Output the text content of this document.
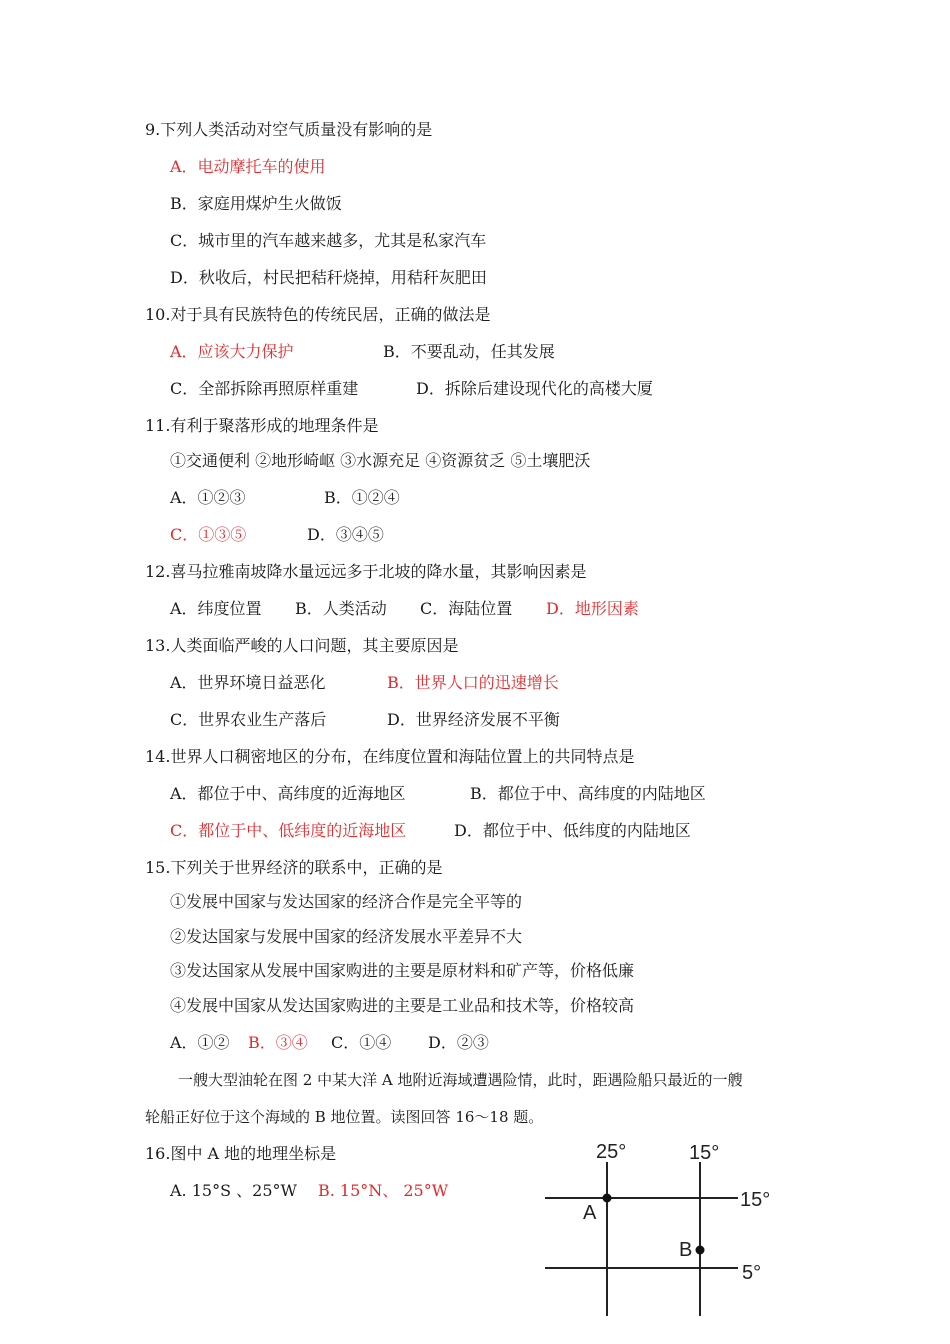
9.下列人类活动对空气质量没有影响的是
A．电动摩托车的使用
B．家庭用煤炉生火做饭
C．城市里的汽车越来越多，尤其是私家汽车
D．秋收后，村民把秸秆烧掉，用秸秆灰肥田
10.对于具有民族特色的传统民居，正确的做法是
A．应该大力保护	B．不要乱动，任其发展
C．全部拆除再照原样重建	D．拆除后建设现代化的高楼大厦
11.有利于聚落形成的地理条件是
①交通便利 ②地形崎岖 ③水源充足 ④资源贫乏 ⑤土壤肥沃
A．①②③	B．①②④
C．①③⑤	D．③④⑤
12.喜马拉雅南坡降水量远远多于北坡的降水量，其影响因素是
A．纬度位置 B．人类活动 C．海陆位置 D．地形因素
13.人类面临严峻的人口问题，其主要原因是
A．世界环境日益恶化	B．世界人口的迅速增长
C．世界农业生产落后	D．世界经济发展不平衡
14.世界人口稠密地区的分布，在纬度位置和海陆位置上的共同特点是
A．都位于中、高纬度的近海地区	B．都位于中、高纬度的内陆地区
C．都位于中、低纬度的近海地区	D．都位于中、低纬度的内陆地区
15.下列关于世界经济的联系中，正确的是
①发展中国家与发达国家的经济合作是完全平等的
②发达国家与发展中国家的经济发展水平差异不大
③发达国家从发展中国家购进的主要是原材料和矿产等，价格低廉
④发展中国家从发达国家购进的主要是工业品和技术等，价格较高
A．①② B．③④ C．①④ D．②③
一艘大型油轮在图 2 中某大洋 A 地附近海域遭遇险情，此时，距遇险船只最近的一艘
轮船正好位于这个海域的 B 地位置。读图回答 16～18 题。
16.图中 A 地的地理坐标是
A. 15°S 、25°W B. 15°N、 25°W
25°	15°
15°
5°
A
B
